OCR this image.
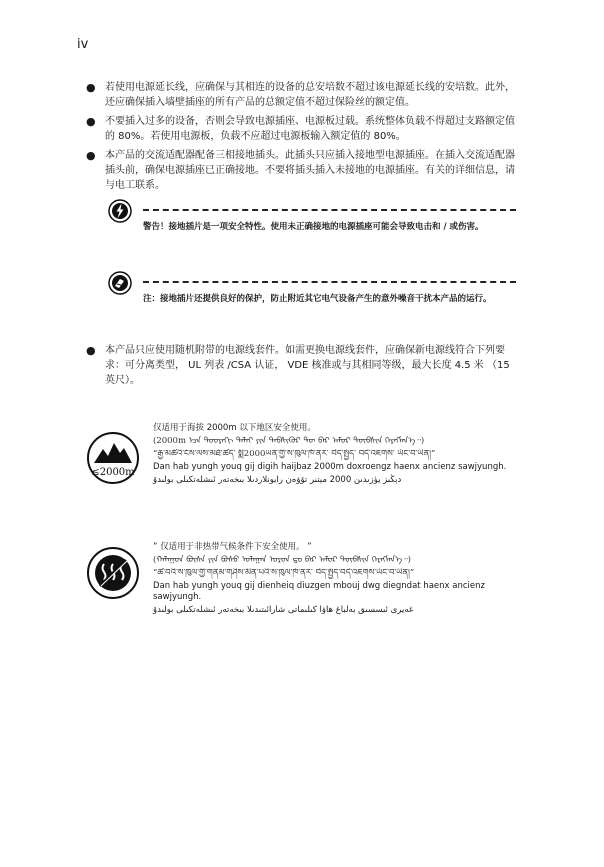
iv
● 若使用电源延长线，应确保与其相连的设备的总安培数不超过该电源延长线的安培数。此外，还应确保插入墙壁插座的所有产品的总额定值不超过保险丝的额定值。
● 不要插入过多的设备，否则会导致电源插座、电源板过载。系统整体负载不得超过支路额定值的 80%。若使用电源板，负载不应超过电源板输入额定值的 80%。
● 本产品的交流适配器配备三相接地插头。此插头只应插入接地型电源插座。在插入交流适配器插头前，确保电源插座已正确接地。不要将插头插入未接地的电源插座。有关的详细信息，请与电工联系。
警告！接地插片是一项安全特性。使用未正确接地的电源插座可能会导致电击和 / 或伤害。
注：接地插片还提供良好的保护，防止附近其它电气设备产生的意外噪音干扰本产品的运行。
● 本产品只应使用随机附带的电源线套件。如需更换电源线套件，应确保新电源线符合下列要求：可分离类型， UL 列表 /CSA 认证， VDE 核准或与其相同等级，最大长度 4.5 米 （15 英尺）。
≤2000m
仅适用于海拔 2000m 以下地区安全使用。
(2000m ᠡᠴᠡ ᠳᠣᠣᠷᠠᠬᠢ ᠳᠠᠯᠠᠢ ᠶᠢᠨ ᠲᠡᠪᠰᠢᠭᠦᠷ ᠲᠦ ᠪᠠᠷ ᠠᠮᠤᠷ ᠲᠦᠪᠰᠢᠨ ᠬᠡᠷᠡᠭᠯᠡᠨ᠎ᠡ᠃)
“རྒྱ་མཚོའི་ངོས་ལས་མཐོ་ཚད་ སྨི2000ཡན་གྱི་ས་ཁུལ་ཁོ་ནར་ བེད་སྤྱོད་ བདེ་འཇགས་ ཡོང་བ་ཡིན།”
Dan hab yungh youq gij digih haijbaz 2000m doxroengz haenx ancienz sawjyungh.
دېڭىز يۈزىدىن 2000 مېتىر تۆۋەن رايونلاردىلا بىخەتەر ئىشلەتكىلى بولىدۇ
” 仅适用于非热带气候条件下安全使用。 ”
(ᠬᠠᠯᠠᠭᠤᠨ ᠪᠦᠰᠡ ᠶᠢᠨ ᠪᠤᠰᠤ ᠤᠯᠠᠭᠠᠨ ᠤᠷᠤᠨ ᠳᠤ ᠪᠠᠷ ᠠᠮᠤᠷ ᠲᠦᠪᠰᠢᠨ ᠬᠡᠷᠡᠭᠯᠡᠨ᠎ᠡ᠃)
“ཚ་བའི་ས་ཁུལ་གྱི་གནམ་གཤིས་མིན་པའི་ས་ཁུལ་ཁོ་ནར་ བེད་སྤྱོད་བདེ་འཇགས་ཡོང་བ་ཡིན།”
Dan hab yungh youq gij dienheiq diuzgen mbouj dwg diegndat haenx ancienz sawjyungh.
غەيرى ئىسسىق بەلباغ ھاۋا كىلىماتى شارائىتىدىلا بىخەتەر ئىشلەتكىلى بولىدۇ
